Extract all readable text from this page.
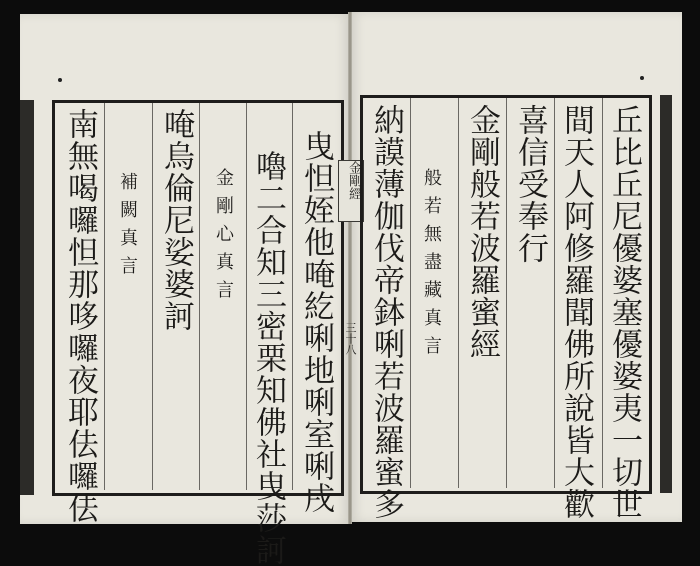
曳怛姪他唵紇唎地唎室唎戌
嚕二合知三密栗知佛社曳莎訶
金剛心真言
唵烏倫尼娑婆訶
補闕真言
南無喝囉怛那哆囉夜耶佉囉佉	金剛經
三十八	丘比丘尼優婆塞優婆夷一切世
間天人阿修羅聞佛所說皆大歡
喜信受奉行
金剛般若波羅蜜經
般若無盡藏真言
納謨薄伽伐帝鉢唎若波羅蜜多
